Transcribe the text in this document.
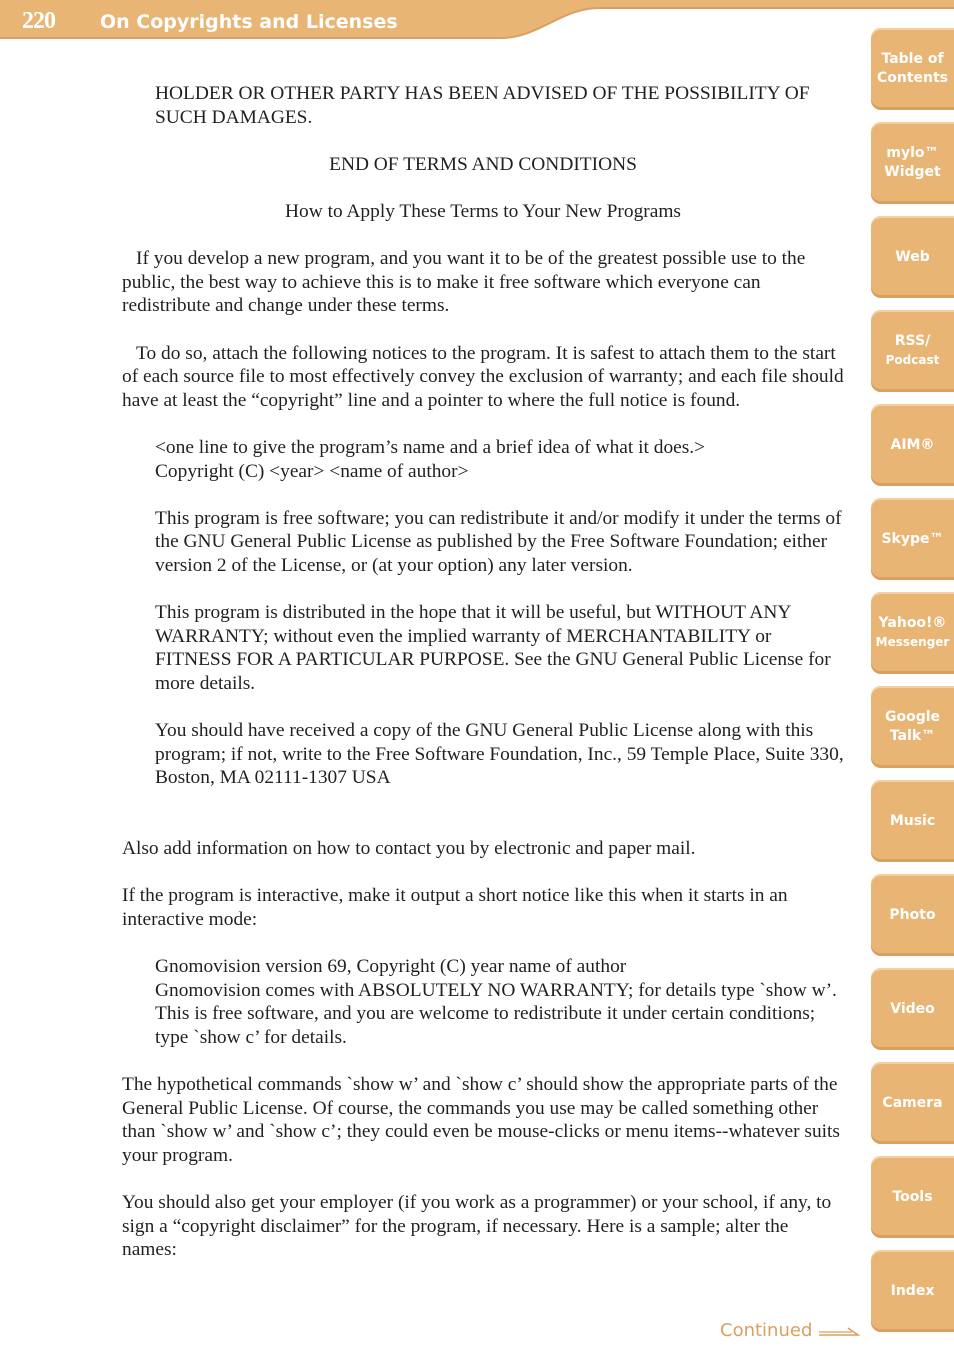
220 On Copyrights and Licenses

HOLDER OR OTHER PARTY HAS BEEN ADVISED OF THE POSSIBILITY OF SUCH DAMAGES.

END OF TERMS AND CONDITIONS

How to Apply These Terms to Your New Programs

If you develop a new program, and you want it to be of the greatest possible use to the public, the best way to achieve this is to make it free software which everyone can redistribute and change under these terms.

To do so, attach the following notices to the program. It is safest to attach them to the start of each source file to most effectively convey the exclusion of warranty; and each file should have at least the “copyright” line and a pointer to where the full notice is found.

<one line to give the program’s name and a brief idea of what it does.>

Copyright (C) <year> <name of author>

This program is free software; you can redistribute it and/or modify it under the terms of the GNU General Public License as published by the Free Software Foundation; either version 2 of the License, or (at your option) any later version.

This program is distributed in the hope that it will be useful, but WITHOUT ANY WARRANTY; without even the implied warranty of MERCHANTABILITY or FITNESS FOR A PARTICULAR PURPOSE. See the GNU General Public License for more details.

You should have received a copy of the GNU General Public License along with this program; if not, write to the Free Software Foundation, Inc., 59 Temple Place, Suite 330, Boston, MA 02111-1307 USA

Also add information on how to contact you by electronic and paper mail.

If the program is interactive, make it output a short notice like this when it starts in an interactive mode:

Gnomovision version 69, Copyright (C) year name of author

Gnomovision comes with ABSOLUTELY NO WARRANTY; for details type `show w’.

This is free software, and you are welcome to redistribute it under certain conditions; type `show c’ for details.

The hypothetical commands `show w’ and `show c’ should show the appropriate parts of the General Public License. Of course, the commands you use may be called something other than `show w’ and `show c’; they could even be mouse-clicks or menu items--whatever suits your program.

You should also get your employer (if you work as a programmer) or your school, if any, to sign a “copyright disclaimer” for the program, if necessary. Here is a sample; alter the names:

Table of
Contents
mylo™
Widget
Web
RSS/
Podcast
AIM®
Skype™
Yahoo!®
Messenger
Google
Talk™
Music
Photo
Video
Camera
Tools
Index
Continued
